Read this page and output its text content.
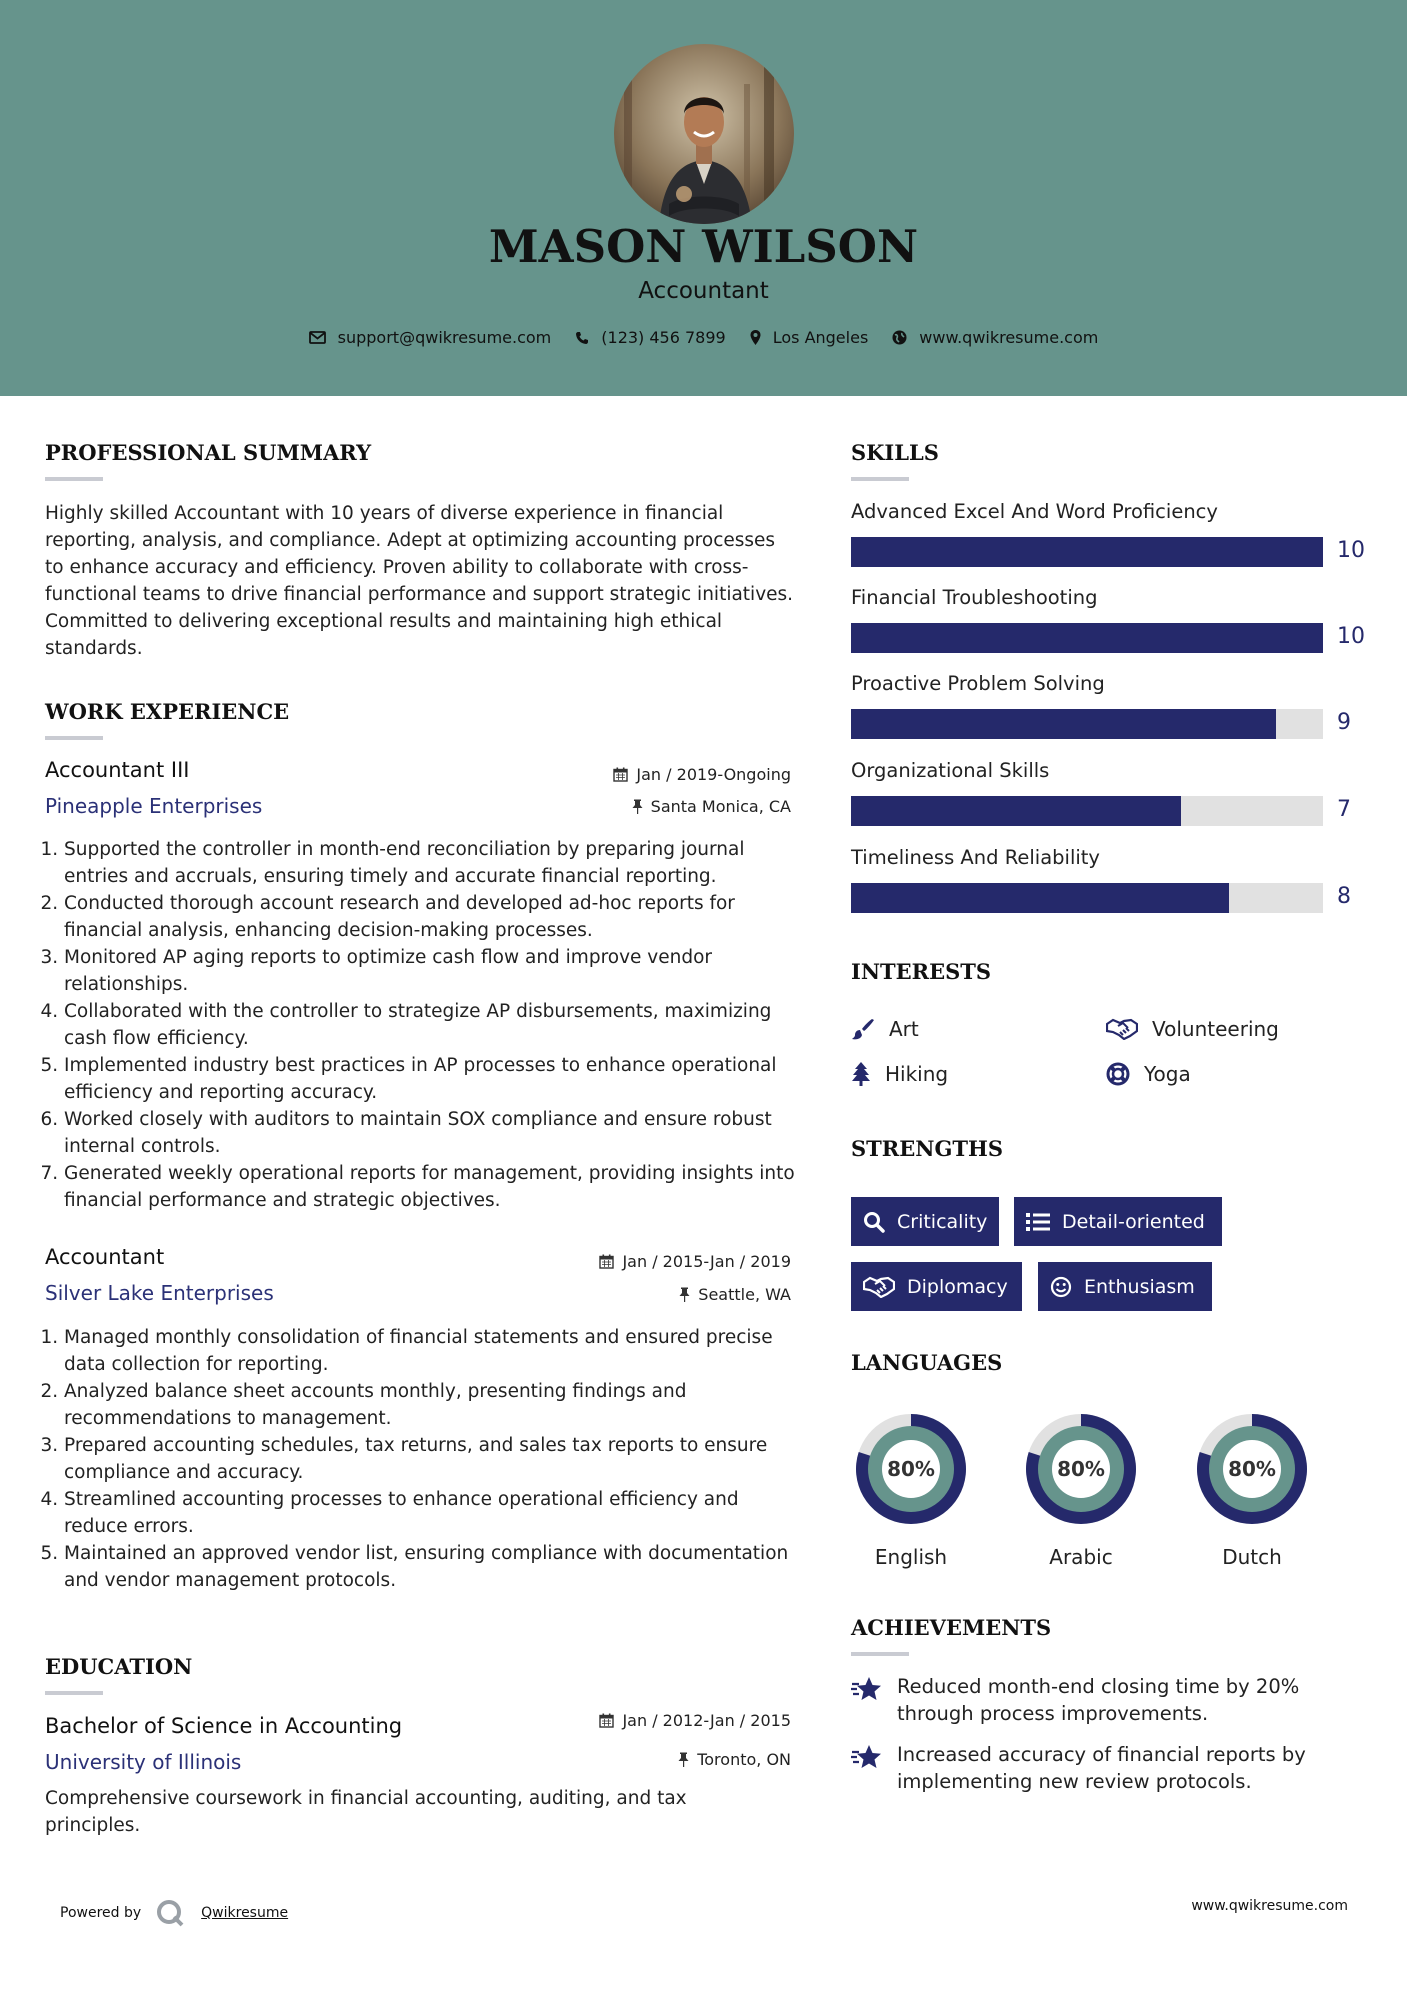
MASON WILSON
Accountant
support@qwikresume.com	(123) 456 7899	Los Angeles	www.qwikresume.com
PROFESSIONAL SUMMARY
Highly skilled Accountant with 10 years of diverse experience in financial reporting, analysis, and compliance. Adept at optimizing accounting processes to enhance accuracy and efficiency. Proven ability to collaborate with cross-functional teams to drive financial performance and support strategic initiatives. Committed to delivering exceptional results and maintaining high ethical standards.
WORK EXPERIENCE
Accountant III
Pineapple Enterprises
Jan / 2019-Ongoing
Santa Monica, CA
1. Supported the controller in month-end reconciliation by preparing journal entries and accruals, ensuring timely and accurate financial reporting.
2. Conducted thorough account research and developed ad-hoc reports for financial analysis, enhancing decision-making processes.
3. Monitored AP aging reports to optimize cash flow and improve vendor relationships.
4. Collaborated with the controller to strategize AP disbursements, maximizing cash flow efficiency.
5. Implemented industry best practices in AP processes to enhance operational efficiency and reporting accuracy.
6. Worked closely with auditors to maintain SOX compliance and ensure robust internal controls.
7. Generated weekly operational reports for management, providing insights into financial performance and strategic objectives.
Accountant
Silver Lake Enterprises
Jan / 2015-Jan / 2019
Seattle, WA
1. Managed monthly consolidation of financial statements and ensured precise data collection for reporting.
2. Analyzed balance sheet accounts monthly, presenting findings and recommendations to management.
3. Prepared accounting schedules, tax returns, and sales tax reports to ensure compliance and accuracy.
4. Streamlined accounting processes to enhance operational efficiency and reduce errors.
5. Maintained an approved vendor list, ensuring compliance with documentation and vendor management protocols.
EDUCATION
Bachelor of Science in Accounting
University of Illinois
Jan / 2012-Jan / 2015
Toronto, ON
Comprehensive coursework in financial accounting, auditing, and tax principles.
SKILLS
Advanced Excel And Word Proficiency
10
Financial Troubleshooting
10
Proactive Problem Solving
9
Organizational Skills
7
Timeliness And Reliability
8
INTERESTS
Art	Volunteering
Hiking	Yoga
STRENGTHS
Criticality	Detail-oriented
Diplomacy	Enthusiasm
LANGUAGES
80%
English
80%
Arabic
80%
Dutch
ACHIEVEMENTS
Reduced month-end closing time by 20% through process improvements.
Increased accuracy of financial reports by implementing new review protocols.
Powered by	Qwikresume	www.qwikresume.com
